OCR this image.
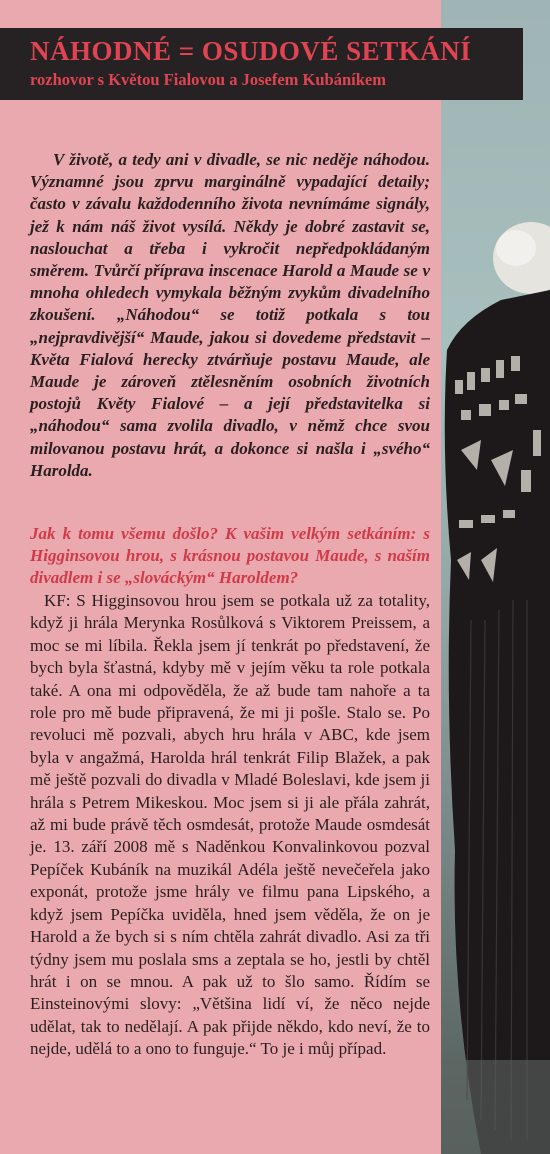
NÁHODNÉ = OSUDOVÉ SETKÁNÍ
rozhovor s Květou Fialovou a Josefem Kubáníkem

V životě, a tedy ani v divadle, se nic neděje náhodou. Významné jsou zprvu marginálně vypadající detaily; často v závalu každodenního života nevnímáme signály, jež k nám náš život vysílá. Někdy je dobré zastavit se, naslouchat a třeba i vykročit nepředpokládaným směrem. Tvůrčí příprava inscenace Harold a Maude se v mnoha ohledech vymykala běžným zvykům divadelního zkoušení. „Náhodou“ se totiž potkala s tou „nejpravdivější“ Maude, jakou si dovedeme představit – Květa Fialová herecky ztvárňuje postavu Maude, ale Maude je zároveň ztělesněním osobních životních postojů Květy Fialové – a její představitelka si „náhodou“ sama zvolila divadlo, v němž chce svou milovanou postavu hrát, a dokonce si našla i „svého“ Harolda.

Jak k tomu všemu došlo? K vašim velkým setkáním: s Higginsovou hrou, s krásnou postavou Maude, s naším divadlem i se „slováckým“ Haroldem?

KF: S Higginsovou hrou jsem se potkala už za totality, když ji hrála Merynka Rosůlková s Viktorem Preissem, a moc se mi líbila. Řekla jsem jí tenkrát po představení, že bych byla šťastná, kdyby mě v jejím věku ta role potkala také. A ona mi odpověděla, že až bude tam nahoře a ta role pro mě bude připravená, že mi ji pošle. Stalo se. Po revoluci mě pozvali, abych hru hrála v ABC, kde jsem byla v angažmá, Harolda hrál tenkrát Filip Blažek, a pak mě ještě pozvali do divadla v Mladé Boleslavi, kde jsem ji hrála s Petrem Mikeskou. Moc jsem si ji ale přála zahrát, až mi bude právě těch osmdesát, protože Maude osmdesát je. 13. září 2008 mě s Naděnkou Konvalinkovou pozval Pepíček Kubáník na muzikál Adéla ještě nevečeřela jako exponát, protože jsme hrály ve filmu pana Lipského, a když jsem Pepíčka uviděla, hned jsem věděla, že on je Harold a že bych si s ním chtěla zahrát divadlo. Asi za tři týdny jsem mu poslala sms a zeptala se ho, jestli by chtěl hrát i on se mnou. A pak už to šlo samo. Řídím se Einsteinovými slovy: „Většina lidí ví, že něco nejde udělat, tak to nedělají. A pak přijde někdo, kdo neví, že to nejde, udělá to a ono to funguje.“ To je i můj případ.
